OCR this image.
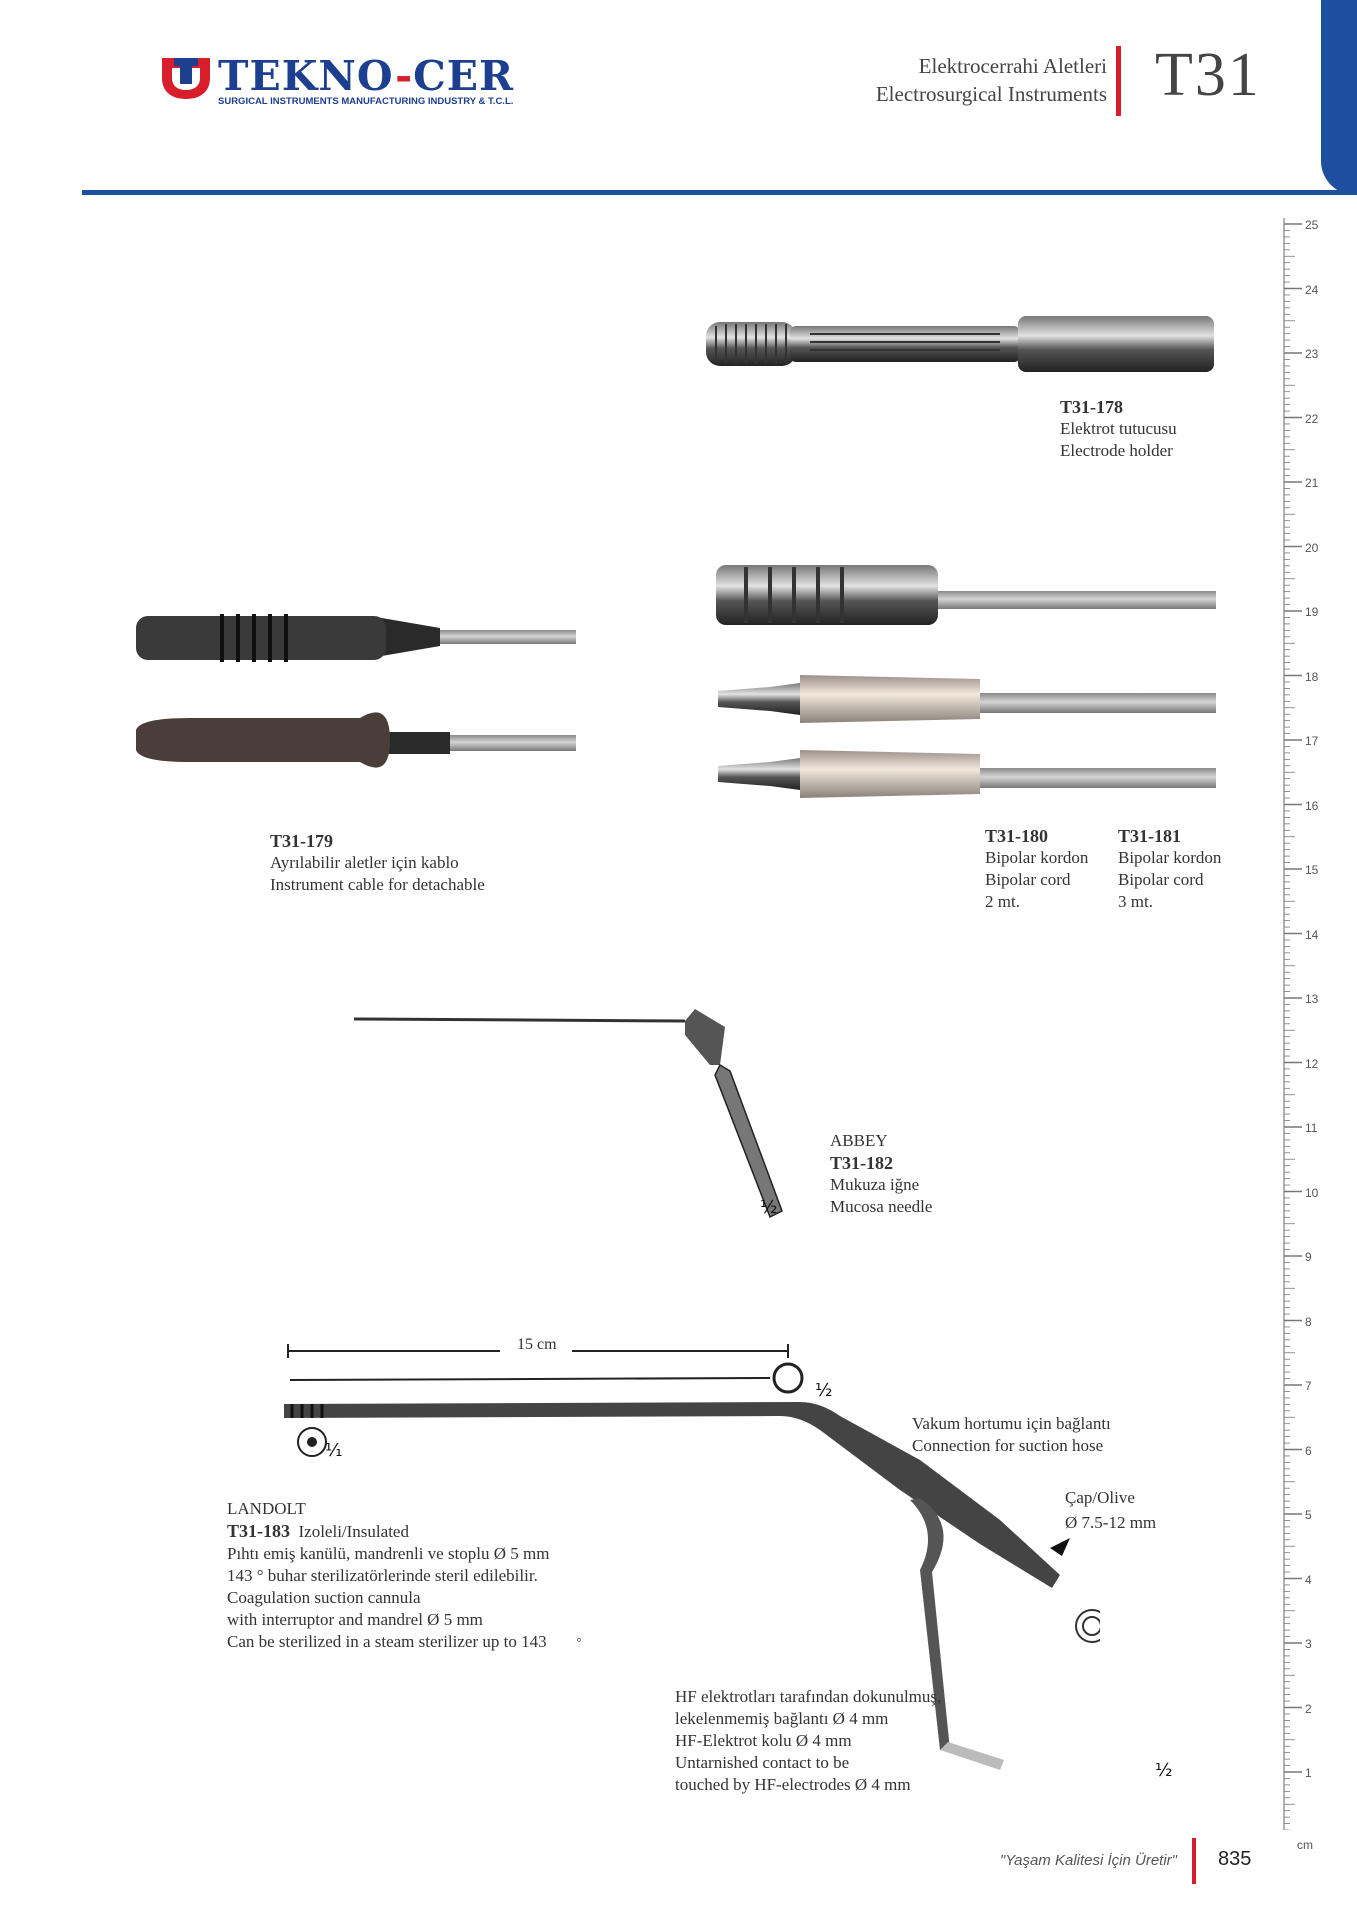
TEKNO-CER
SURGICAL INSTRUMENTS MANUFACTURING INDUSTRY & T.C.L.
Elektrocerrahi Aletleri
Electrosurgical Instruments T31
T31-178
Elektrot tutucusu
Electrode holder
T31-179
Ayrılabilir aletler için kablo
Instrument cable for detachable
T31-180
Bipolar kordon
Bipolar cord
2 mt.
T31-181
Bipolar kordon
Bipolar cord
3 mt.
½
ABBEY
T31-182
Mukuza iğne
Mucosa needle
15 cm
½
⅟₁
½
Vakum hortumu için bağlantı
Connection for suction hose
Çap/Olive
Ø 7.5-12 mm
HF elektrotları tarafından dokunulmuş,
lekelenmemiş bağlantı Ø 4 mm
HF-Elektrot kolu Ø 4 mm
Untarnished contact to be
touched by HF-electrodes Ø 4 mm
LANDOLT
T31-183 Izoleli/Insulated
Pıhtı emiş kanülü, mandrenli ve stoplu Ø 5 mm
143 ° buhar sterilizatörlerinde steril edilebilir.
Coagulation suction cannula
with interruptor and mandrel Ø 5 mm
Can be sterilized in a steam sterilizer up to 143	°
25
24
23
22
21
20
19
18
17
16
15
14
13
12
11
10
9
8
7
6
5
4
3
2
1
cm
"Yaşam Kalitesi İçin Üretir" 835
